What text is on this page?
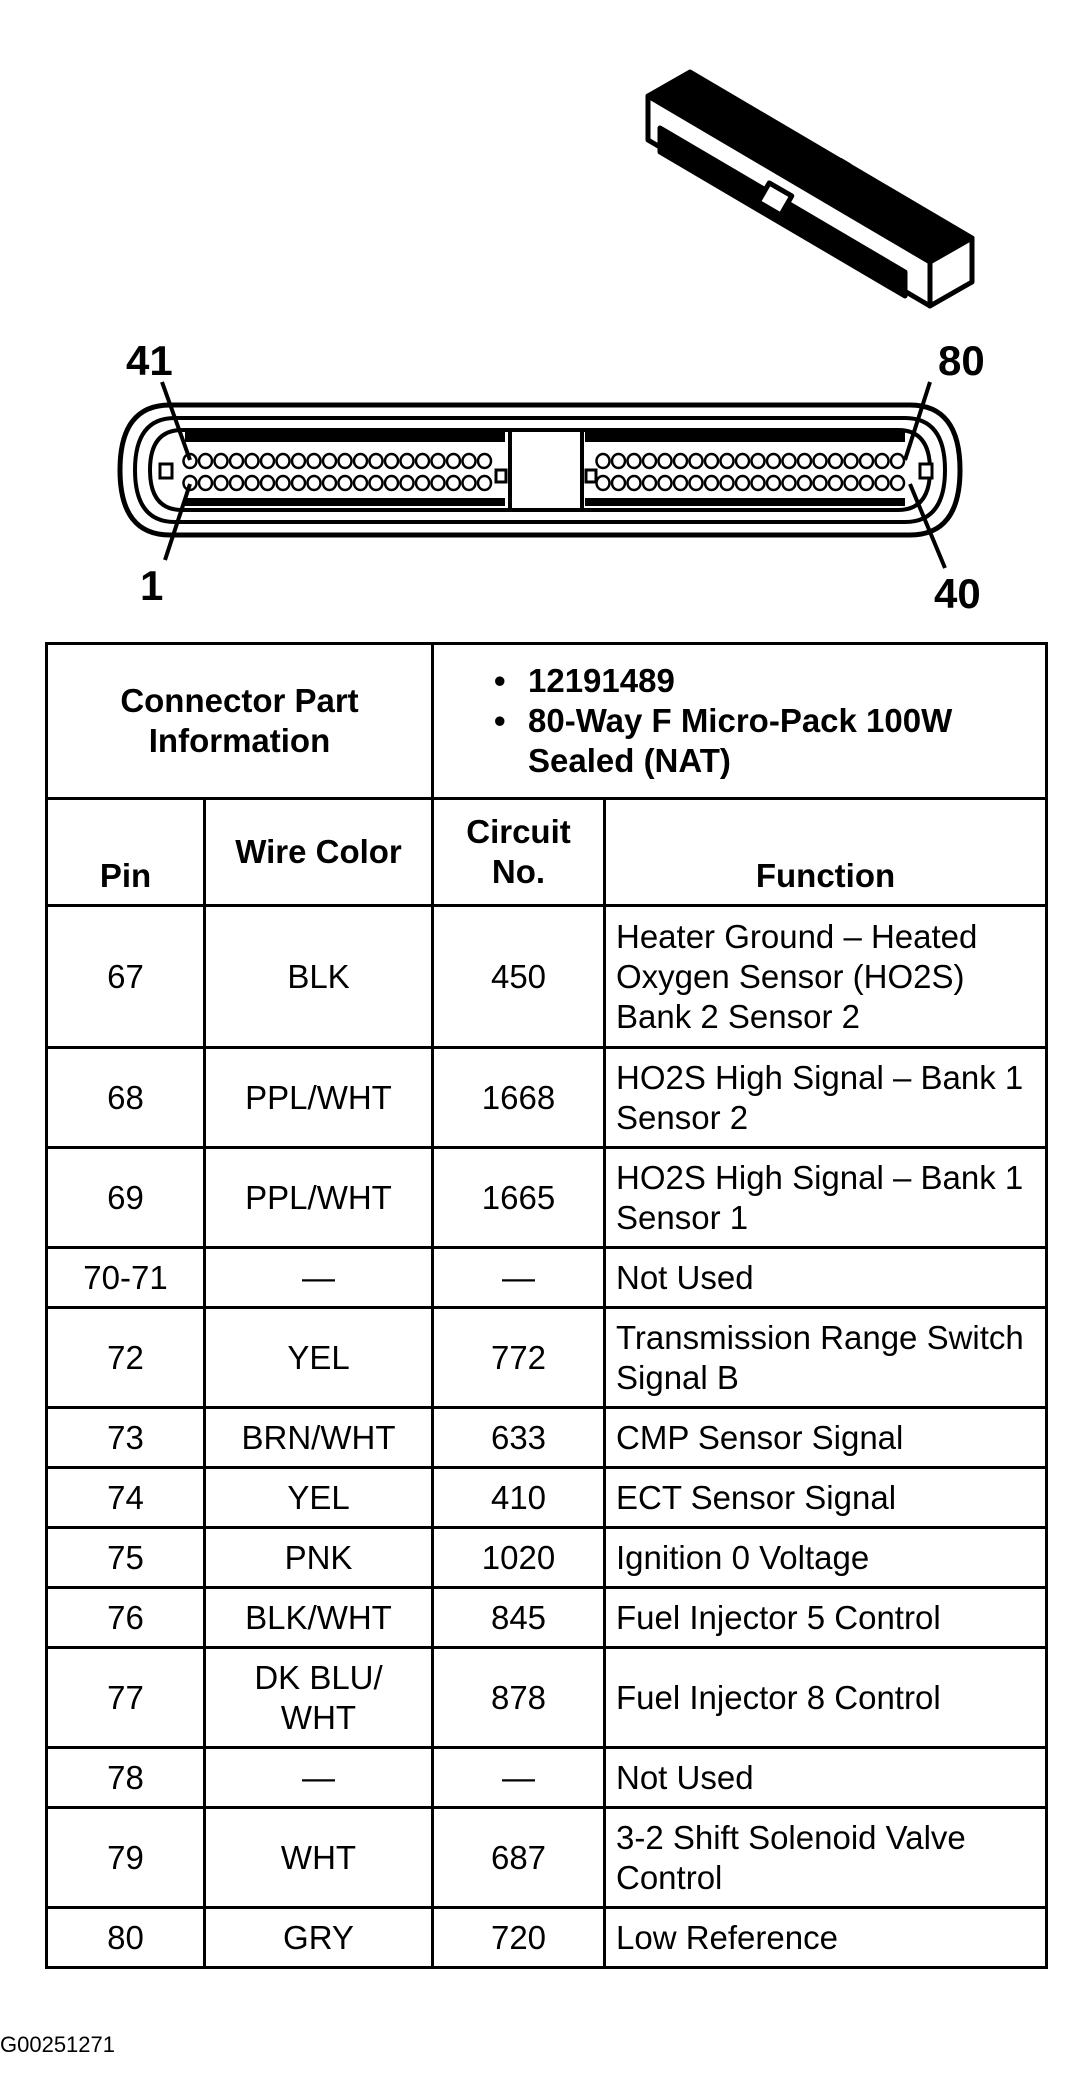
41	80
1	40
Connector Part Information		• 12191489
• 80-Way F Micro-Pack 100W Sealed (NAT)

Pin	Wire Color	Circuit No.	Function
67	BLK	450	Heater Ground – Heated Oxygen Sensor (HO2S) Bank 2 Sensor 2
68	PPL/WHT	1668	HO2S High Signal – Bank 1 Sensor 2
69	PPL/WHT	1665	HO2S High Signal – Bank 1 Sensor 1
70-71	—	—	Not Used
72	YEL	772	Transmission Range Switch Signal B
73	BRN/WHT	633	CMP Sensor Signal
74	YEL	410	ECT Sensor Signal
75	PNK	1020	Ignition 0 Voltage
76	BLK/WHT	845	Fuel Injector 5 Control
77	DK BLU/ WHT	878	Fuel Injector 8 Control
78	—	—	Not Used
79	WHT	687	3-2 Shift Solenoid Valve Control
80	GRY	720	Low Reference
G00251271
